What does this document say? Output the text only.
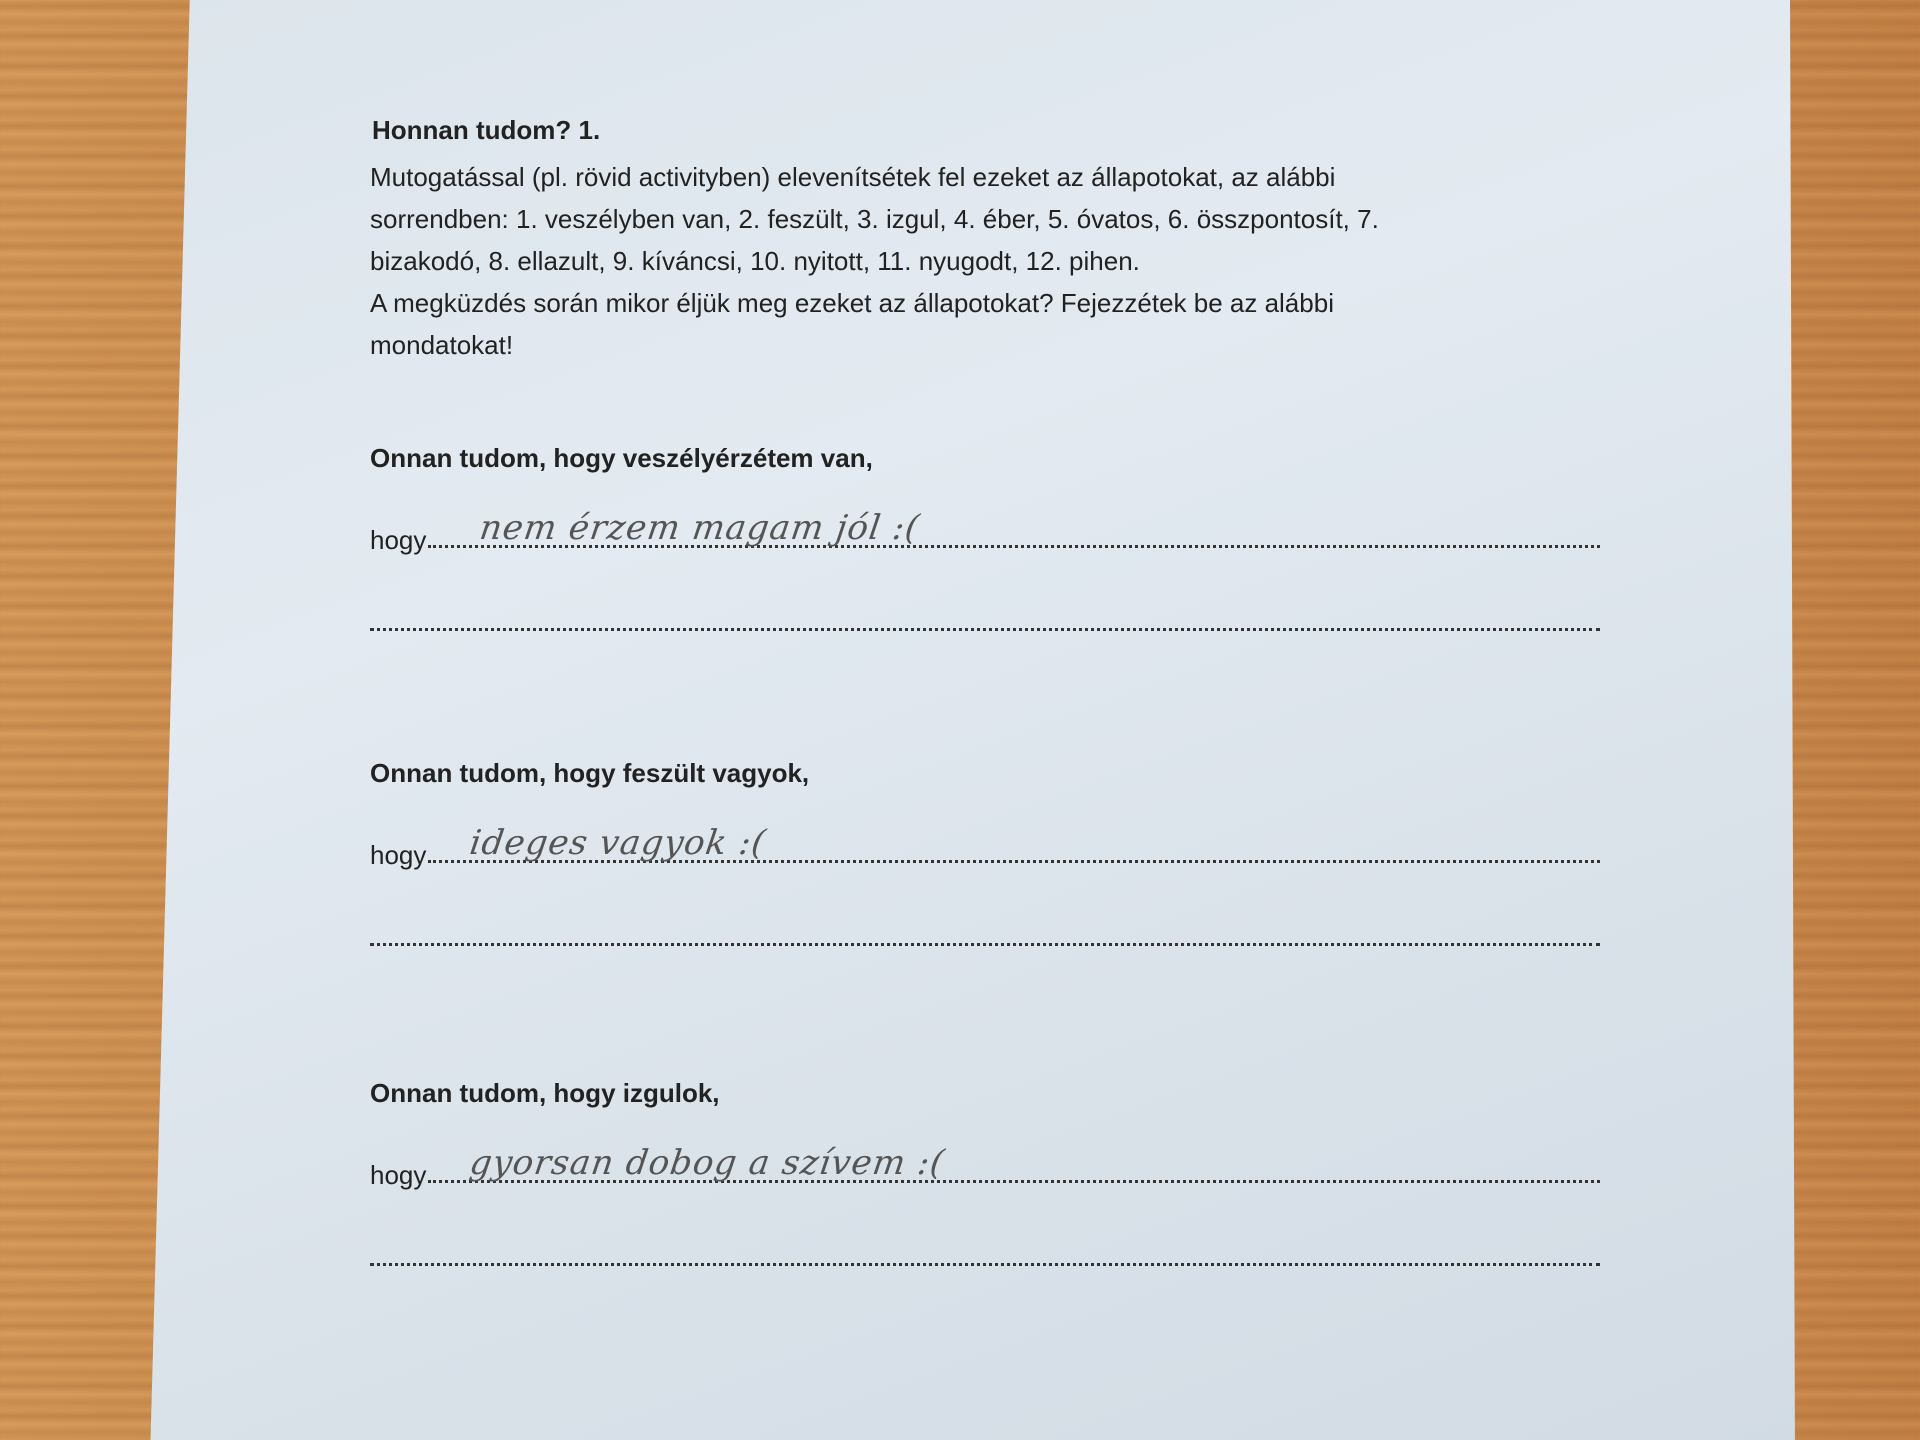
Honnan tudom? 1.

Mutogatással (pl. rövid activityben) elevenítsétek fel ezeket az állapotokat, az alábbi

sorrendben: 1. veszélyben van, 2. feszült, 3. izgul, 4. éber, 5. óvatos, 6. összpontosít, 7.

bizakodó, 8. ellazult, 9. kíváncsi, 10. nyitott, 11. nyugodt, 12. pihen.

A megküzdés során mikor éljük meg ezeket az állapotokat? Fejezzétek be az alábbi

mondatokat!

Onnan tudom, hogy veszélyérzétem van,
hogy nem érzem magam jól :(
Onnan tudom, hogy feszült vagyok,
hogy ideges vagyok :(
Onnan tudom, hogy izgulok,
hogy gyorsan dobog a szívem :(
